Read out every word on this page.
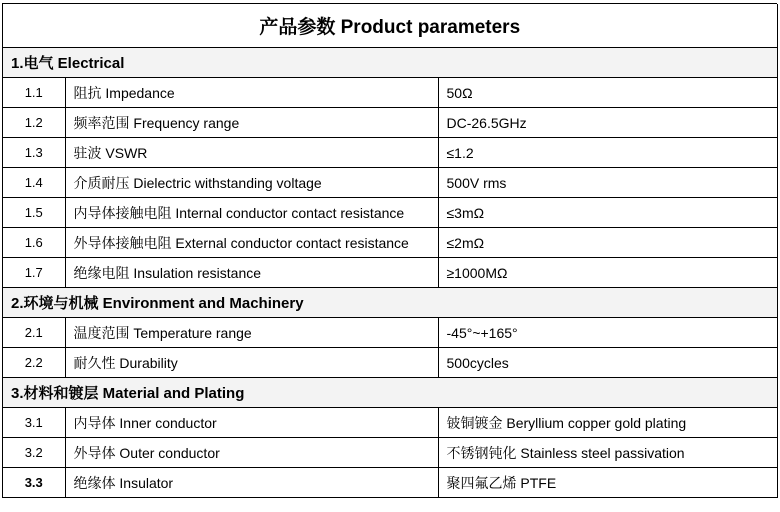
产品参数 Product parameters		
1.电气 Electrical		
1.1	阻抗 Impedance	50Ω
1.2	频率范围 Frequency range	DC-26.5GHz
1.3	驻波 VSWR	≤1.2
1.4	介质耐压 Dielectric withstanding voltage	500V rms
1.5	内导体接触电阻 Internal conductor contact resistance	≤3mΩ
1.6	外导体接触电阻 External conductor contact resistance	≤2mΩ
1.7	绝缘电阻 Insulation resistance	≥1000MΩ
2.环境与机械 Environment and Machinery		
2.1	温度范围 Temperature range	-45°~+165°
2.2	耐久性 Durability	500cycles
3.材料和镀层 Material and Plating		
3.1	内导体 Inner conductor	铍铜镀金 Beryllium copper gold plating
3.2	外导体 Outer conductor	不锈钢钝化 Stainless steel passivation
3.3	绝缘体 Insulator	聚四氟乙烯 PTFE
